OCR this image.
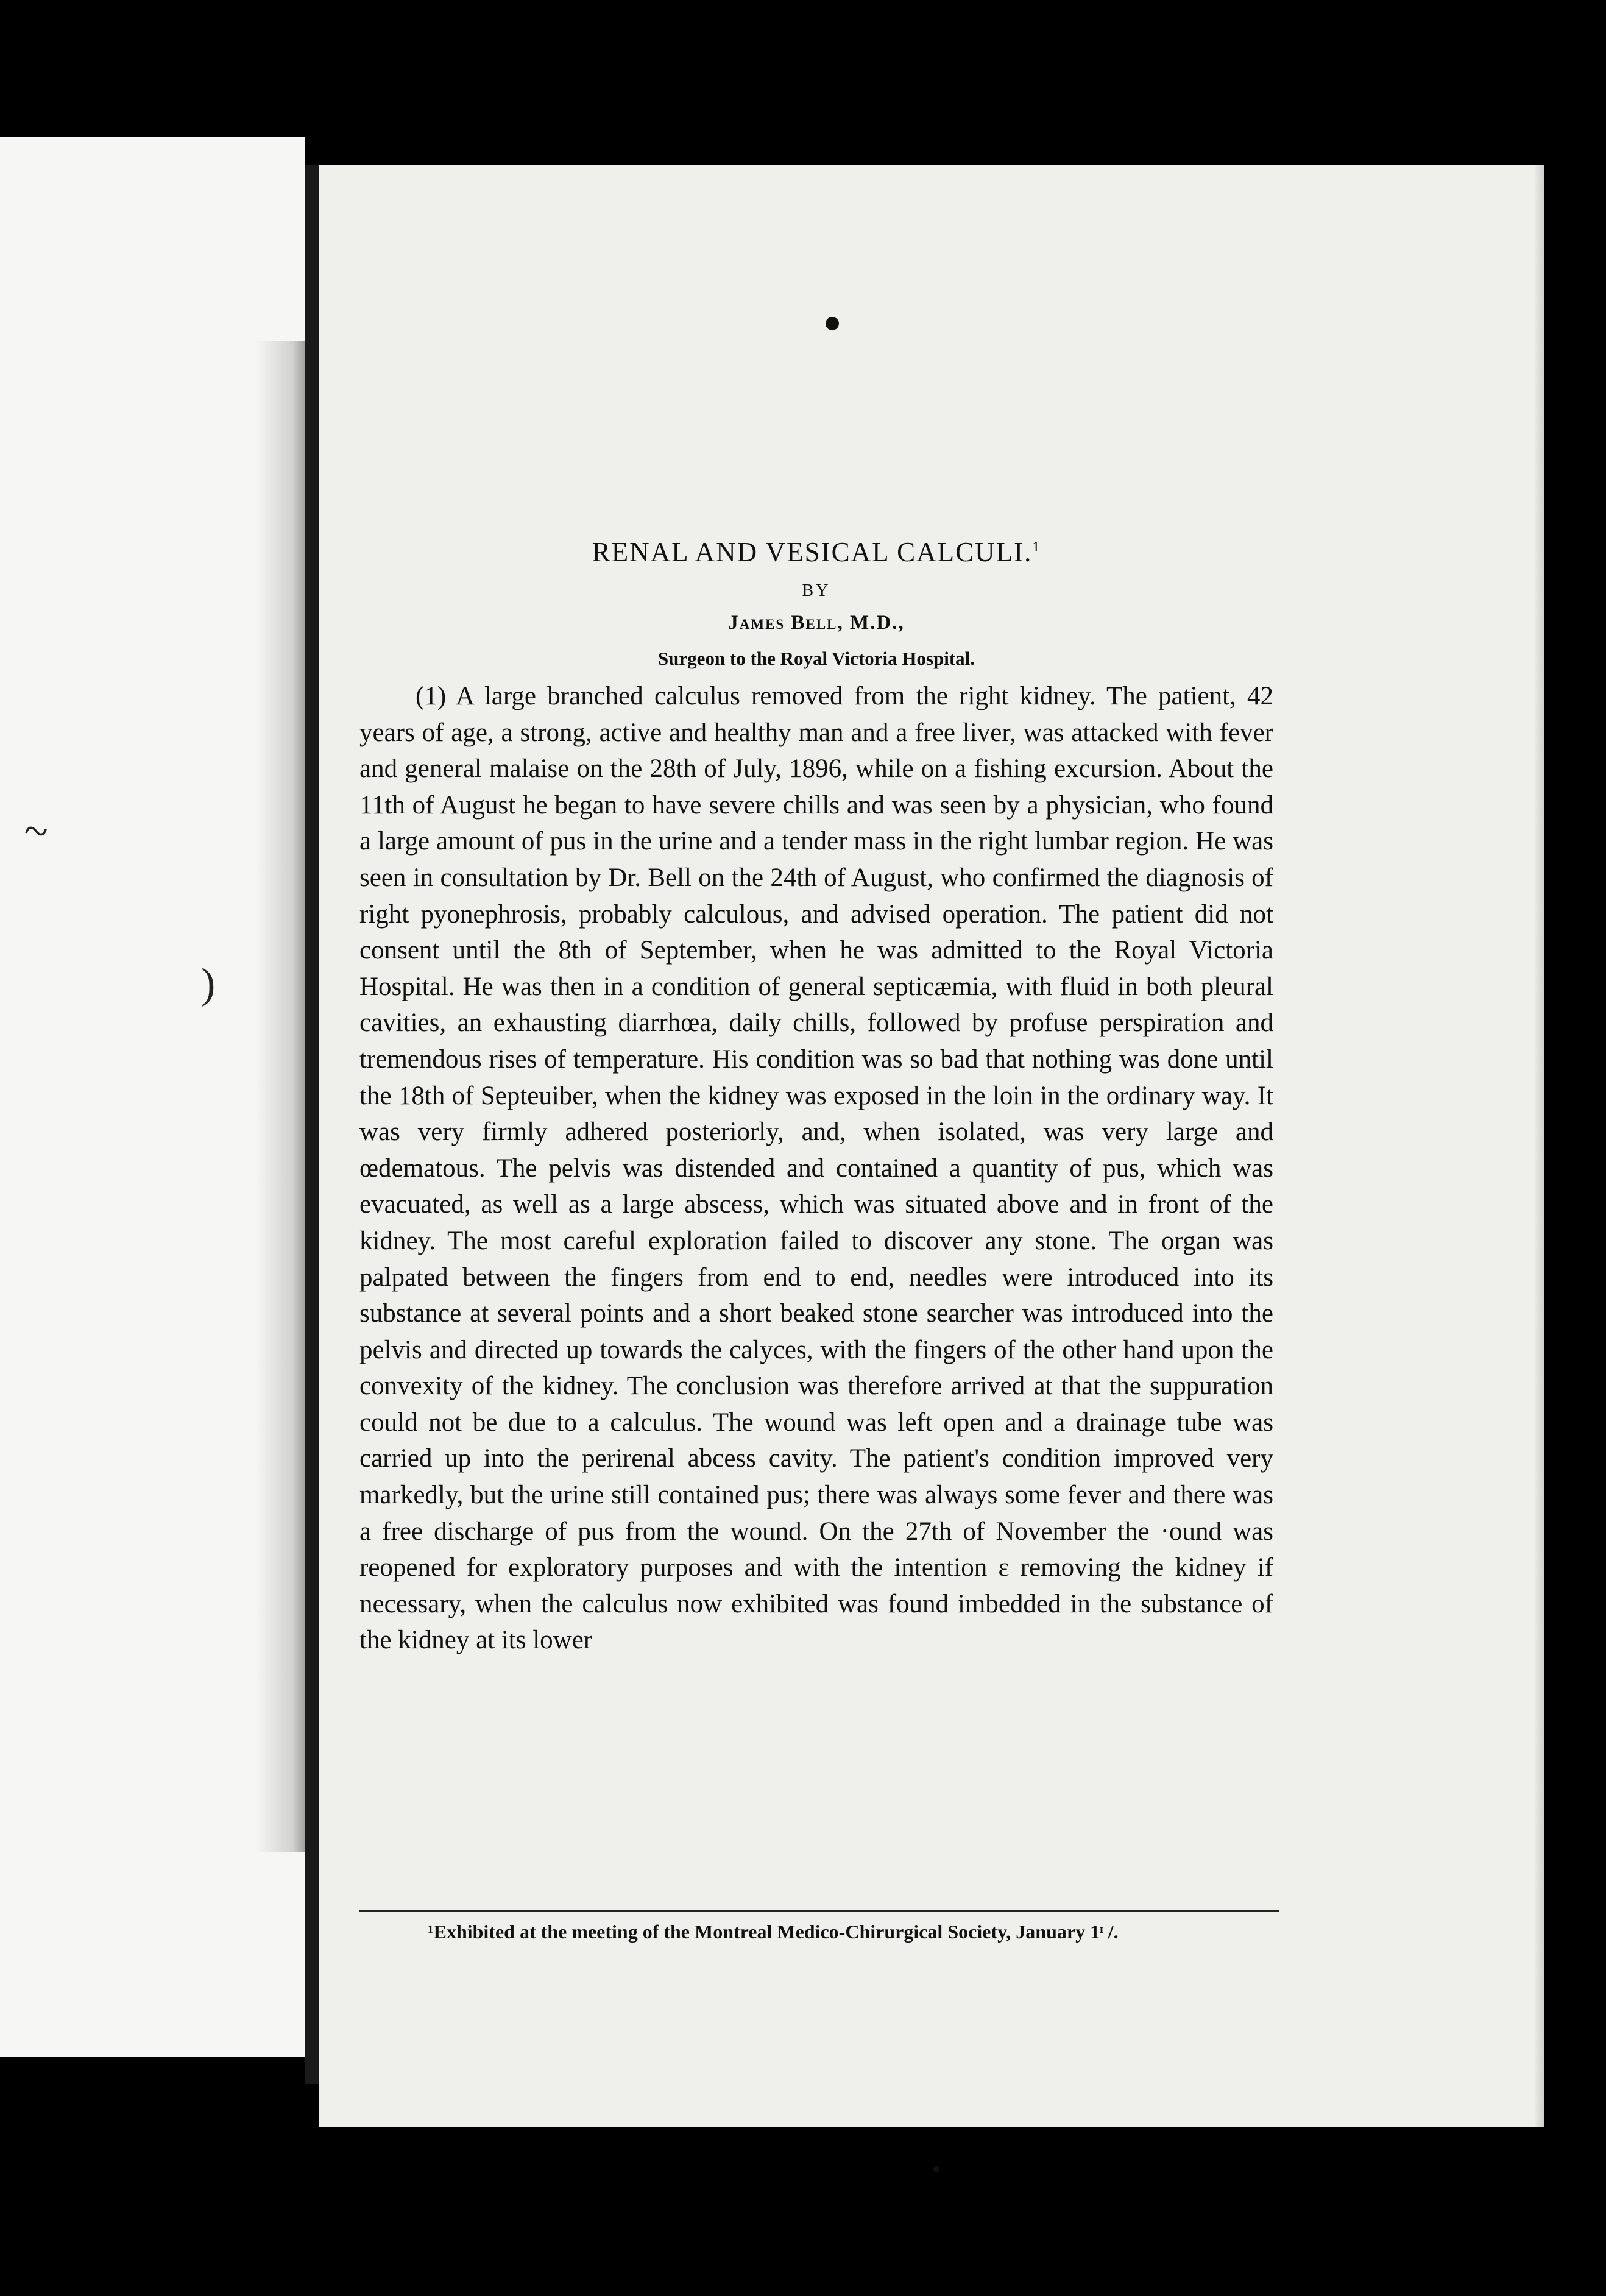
~
)
RENAL AND VESICAL CALCULI.$^1$

BY

James Bell, M.D.,

Surgeon to the Royal Victoria Hospital.

(1) A large branched calculus removed from the right kidney. The patient, 42 years of age, a strong, active and healthy man and a free liver, was attacked with fever and general malaise on the 28th of July, 1896, while on a fishing excursion. About the 11th of August he began to have severe chills and was seen by a physician, who found a large amount of pus in the urine and a tender mass in the right lumbar region. He was seen in consultation by Dr. Bell on the 24th of August, who confirmed the diagnosis of right pyonephrosis, probably calculous, and advised operation. The patient did not consent until the 8th of September, when he was admitted to the Royal Victoria Hospital. He was then in a condition of general septicæmia, with fluid in both pleural cavities, an exhausting diarrhœa, daily chills, followed by profuse perspiration and tremendous rises of temperature. His condition was so bad that nothing was done until the 18th of Septeuiber, when the kidney was exposed in the loin in the ordinary way. It was very firmly adhered posteriorly, and, when isolated, was very large and œdematous. The pelvis was distended and contained a quantity of pus, which was evacuated, as well as a large abscess, which was situated above and in front of the kidney. The most careful exploration failed to discover any stone. The organ was palpated between the fingers from end to end, needles were introduced into its substance at several points and a short beaked stone searcher was introduced into the pelvis and directed up towards the calyces, with the fingers of the other hand upon the convexity of the kidney. The conclusion was therefore arrived at that the suppuration could not be due to a calculus. The wound was left open and a drainage tube was carried up into the perirenal abcess cavity. The patient's condition improved very markedly, but the urine still contained pus; there was always some fever and there was a free discharge of pus from the wound. On the 27th of November the ·ound was reopened for exploratory purposes and with the intention ɛ removing the kidney if necessary, when the calculus now exhibited was found imbedded in the substance of the kidney at its lower

¹Exhibited at the meeting of the Montreal Medico-Chirurgical Society, January 1ᶦ /.
